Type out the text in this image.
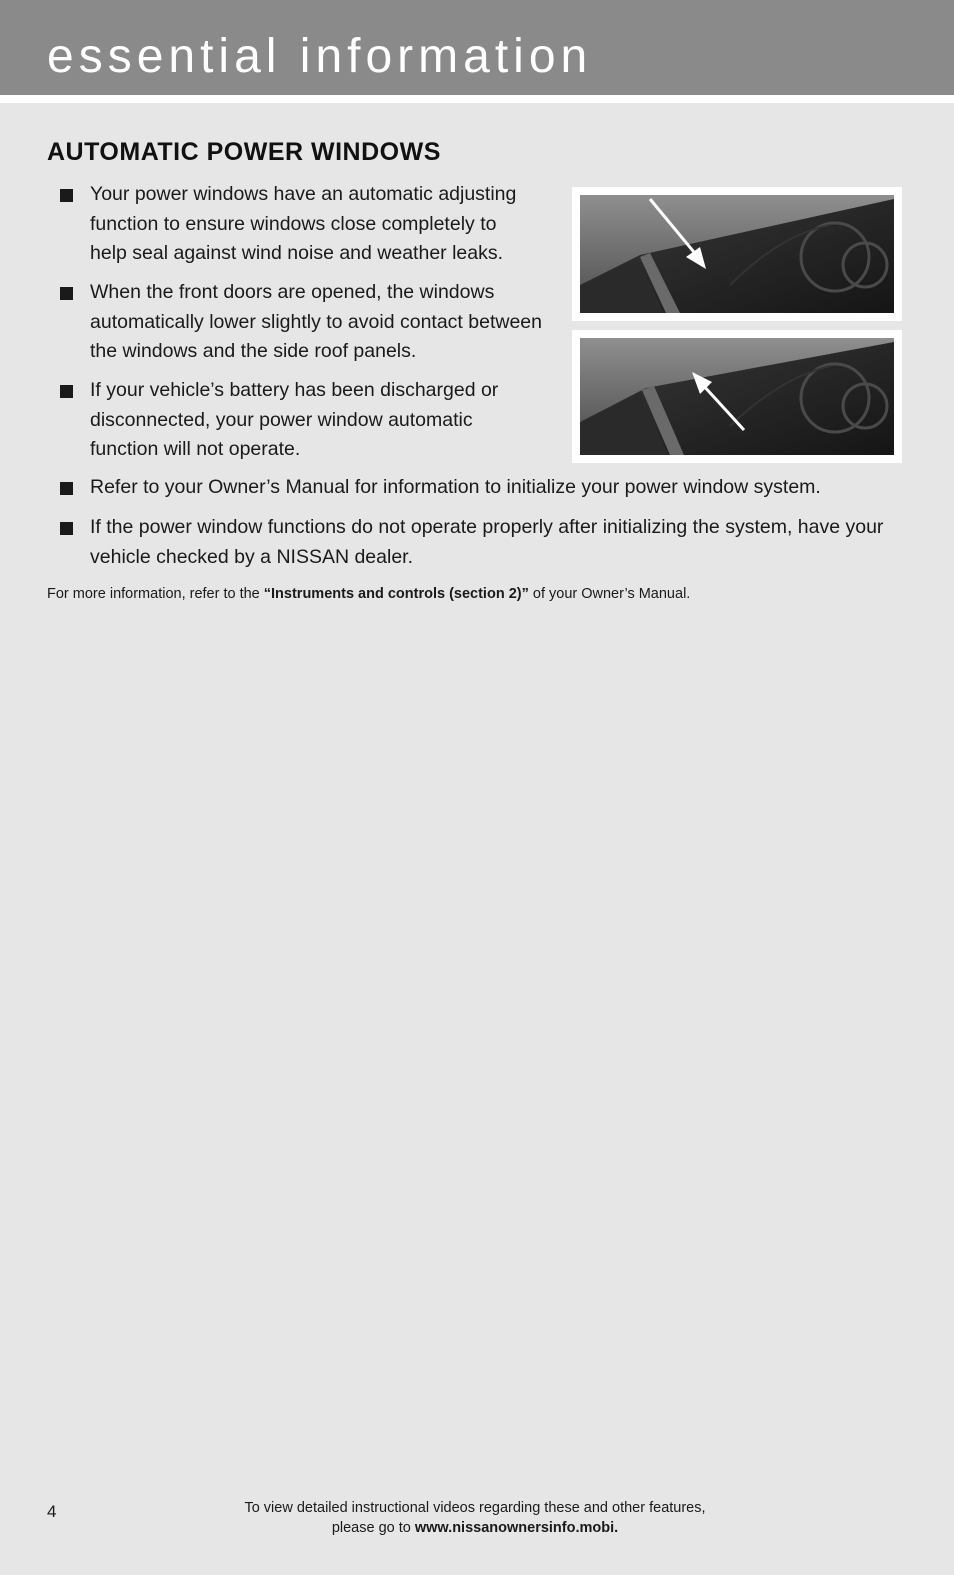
essential information
AUTOMATIC POWER WINDOWS
Your power windows have an automatic adjusting
function to ensure windows close completely to
help seal against wind noise and weather leaks.
When the front doors are opened, the windows
automatically lower slightly to avoid contact between
the windows and the side roof panels.
If your vehicle’s battery has been discharged or
disconnected, your power window automatic
function will not operate.
Refer to your Owner’s Manual for information to initialize your power window system.
If the power window functions do not operate properly after initializing the system, have your
vehicle checked by a NISSAN dealer.
For more information, refer to the “Instruments and controls (section 2)” of your Owner’s Manual.
4	To view detailed instructional videos regarding these and other features,
please go to www.nissanownersinfo.mobi.
